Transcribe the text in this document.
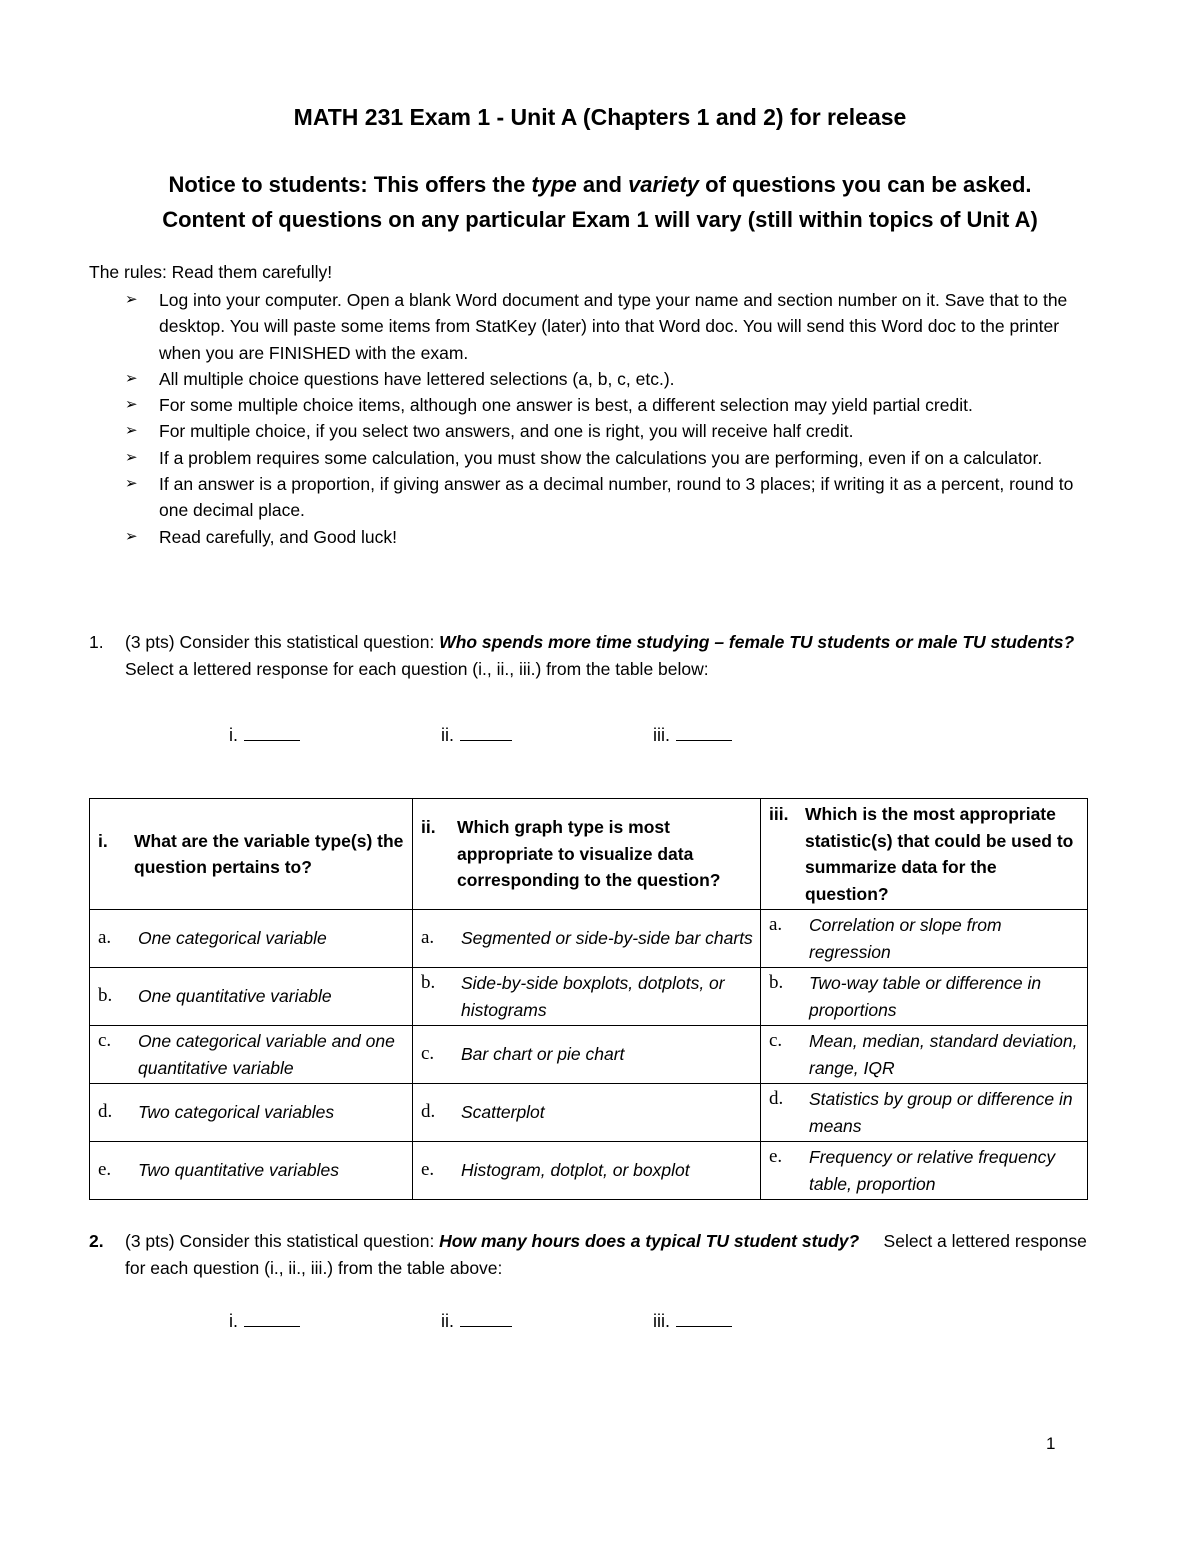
MATH 231 Exam 1 - Unit A (Chapters 1 and 2) for release
Notice to students: This offers the type and variety of questions you can be asked.
Content of questions on any particular Exam 1 will vary (still within topics of Unit A)
The rules: Read them carefully!
➢ Log into your computer. Open a blank Word document and type your name and section number on it. Save that to the desktop. You will paste some items from StatKey (later) into that Word doc. You will send this Word doc to the printer when you are FINISHED with the exam.
➢ All multiple choice questions have lettered selections (a, b, c, etc.).
➢ For some multiple choice items, although one answer is best, a different selection may yield partial credit.
➢ For multiple choice, if you select two answers, and one is right, you will receive half credit.
➢ If a problem requires some calculation, you must show the calculations you are performing, even if on a calculator.
➢ If an answer is a proportion, if giving answer as a decimal number, round to 3 places; if writing it as a percent, round to one decimal place.
➢ Read carefully, and Good luck!
1. (3 pts) Consider this statistical question: Who spends more time studying – female TU students or male TU students? Select a lettered response for each question (i., ii., iii.) from the table below:
i.	ii.	iii.
i. What are the variable type(s) the question pertains to?	ii. Which graph type is most appropriate to visualize data corresponding to the question?	iii. Which is the most appropriate statistic(s) that could be used to summarize data for the question?

a. One categorical variable	a. Segmented or side-by-side bar charts	a. Correlation or slope from regression

b. One quantitative variable	b. Side-by-side boxplots, dotplots, or histograms	b. Two-way table or difference in proportions

c. One categorical variable and one quantitative variable	c. Bar chart or pie chart	c. Mean, median, standard deviation, range, IQR

d. Two categorical variables	d. Scatterplot	d. Statistics by group or difference in means

e. Two quantitative variables	e. Histogram, dotplot, or boxplot	e. Frequency or relative frequency table, proportion
2. (3 pts) Consider this statistical question: How many hours does a typical TU student study?     Select a lettered response for each question (i., ii., iii.) from the table above:
i.	ii.	iii.
1
